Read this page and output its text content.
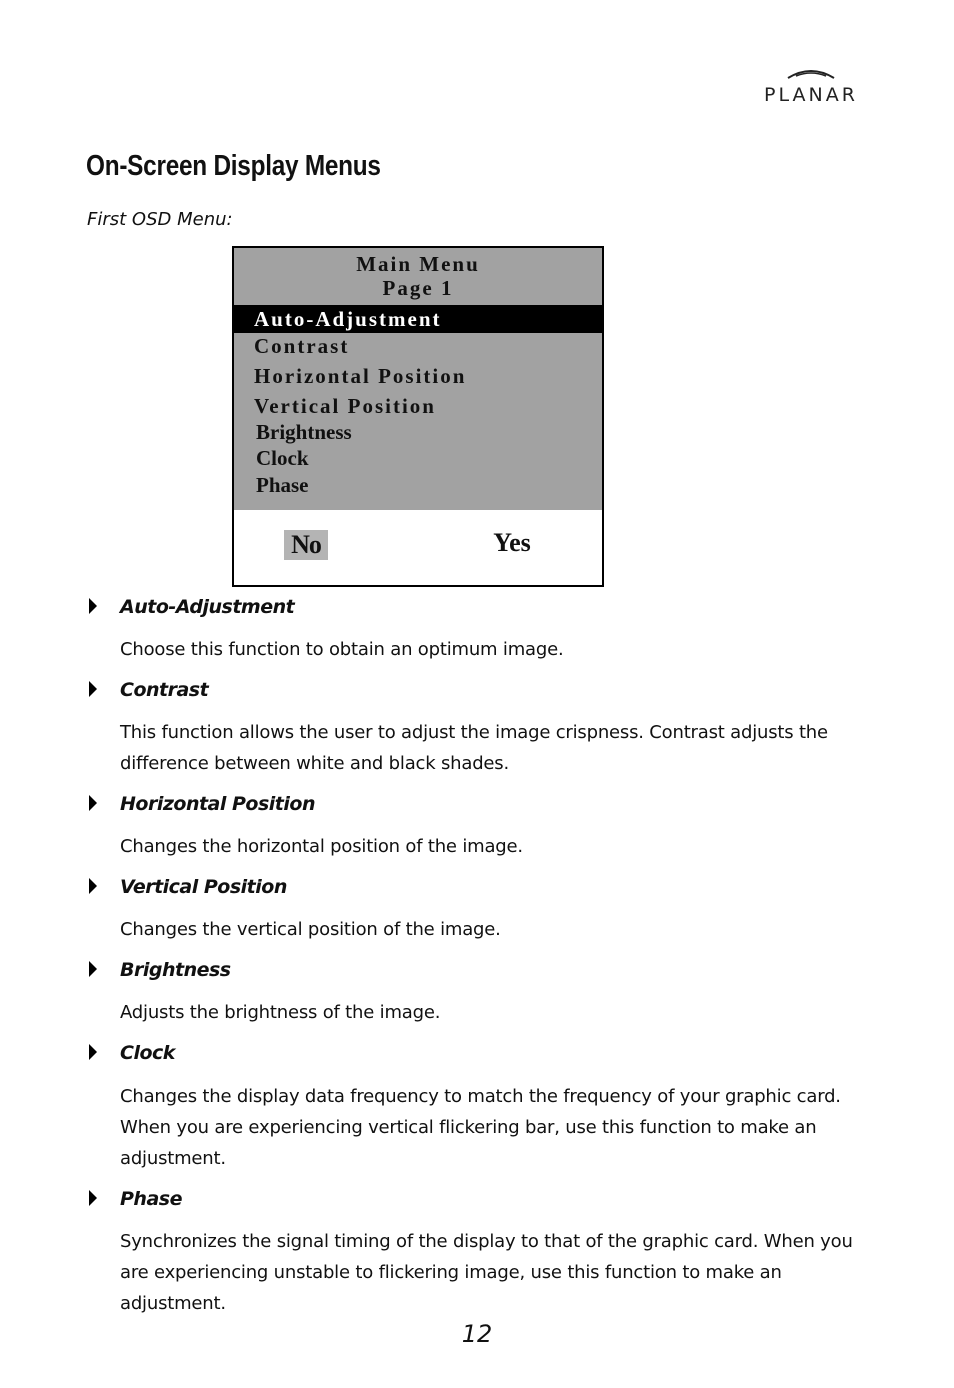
PLANAR
On-Screen Display Menus
First OSD Menu:
Main Menu
Page 1
Auto-Adjustment
Contrast
Horizontal Position
Vertical Position
Brightness
Clock
Phase
No	Yes
Auto-Adjustment
Choose this function to obtain an optimum image.
Contrast
This function allows the user to adjust the image crispness. Contrast adjusts the difference between white and black shades.
Horizontal Position
Changes the horizontal position of the image.
Vertical Position
Changes the vertical position of the image.
Brightness
Adjusts the brightness of the image.
Clock
Changes the display data frequency to match the frequency of your graphic card. When you are experiencing vertical flickering bar, use this function to make an adjustment.
Phase
Synchronizes the signal timing of the display to that of the graphic card. When you are experiencing unstable to flickering image, use this function to make an adjustment.
12
